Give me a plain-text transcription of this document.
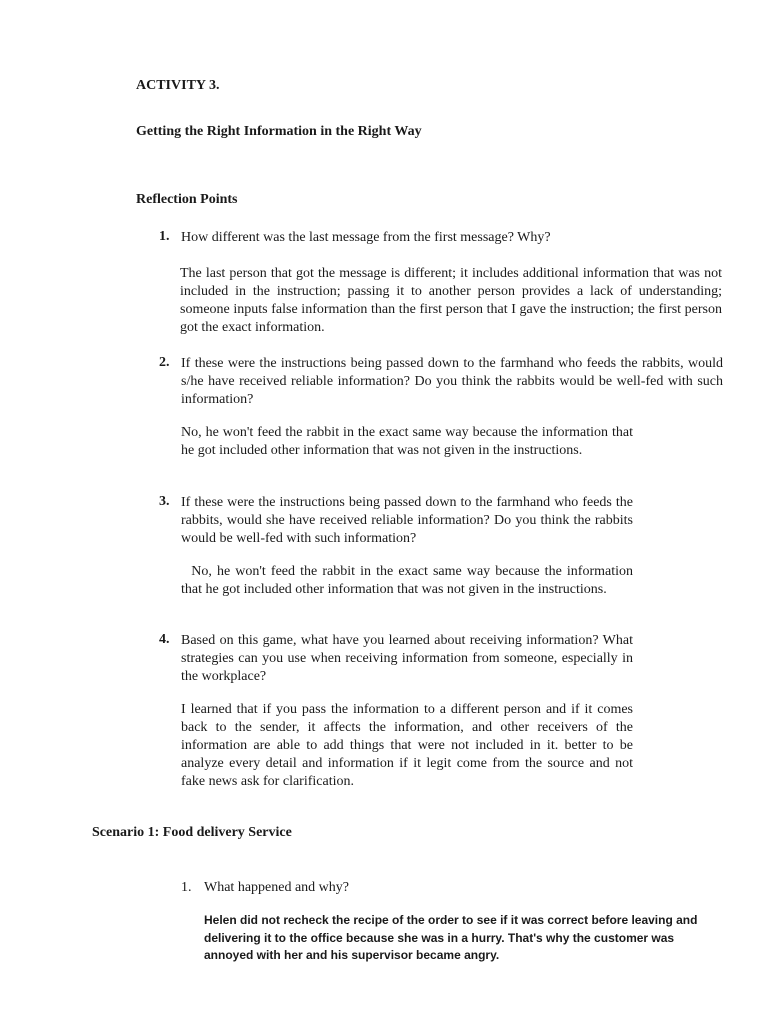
ACTIVITY 3.
Getting the Right Information in the Right Way
Reflection Points
1. How different was the last message from the first message? Why?
The last person that got the message is different; it includes additional information that was not included in the instruction; passing it to another person provides a lack of understanding; someone inputs false information than the first person that I gave the instruction; the first person got the exact information.
2. If these were the instructions being passed down to the farmhand who feeds the rabbits, would s/he have received reliable information? Do you think the rabbits would be well-fed with such information?
No, he won't feed the rabbit in the exact same way because the information that he got included other information that was not given in the instructions.
3. If these were the instructions being passed down to the farmhand who feeds the rabbits, would she have received reliable information? Do you think the rabbits would be well-fed with such information?
No, he won't feed the rabbit in the exact same way because the information that he got included other information that was not given in the instructions.
4. Based on this game, what have you learned about receiving information? What strategies can you use when receiving information from someone, especially in the workplace?
I learned that if you pass the information to a different person and if it comes back to the sender, it affects the information, and other receivers of the information are able to add things that were not included in it. better to be analyze every detail and information if it legit come from the source and not fake news ask for clarification.
Scenario 1: Food delivery Service
1. What happened and why?
Helen did not recheck the recipe of the order to see if it was correct before leaving and delivering it to the office because she was in a hurry. That's why the customer was annoyed with her and his supervisor became angry.
